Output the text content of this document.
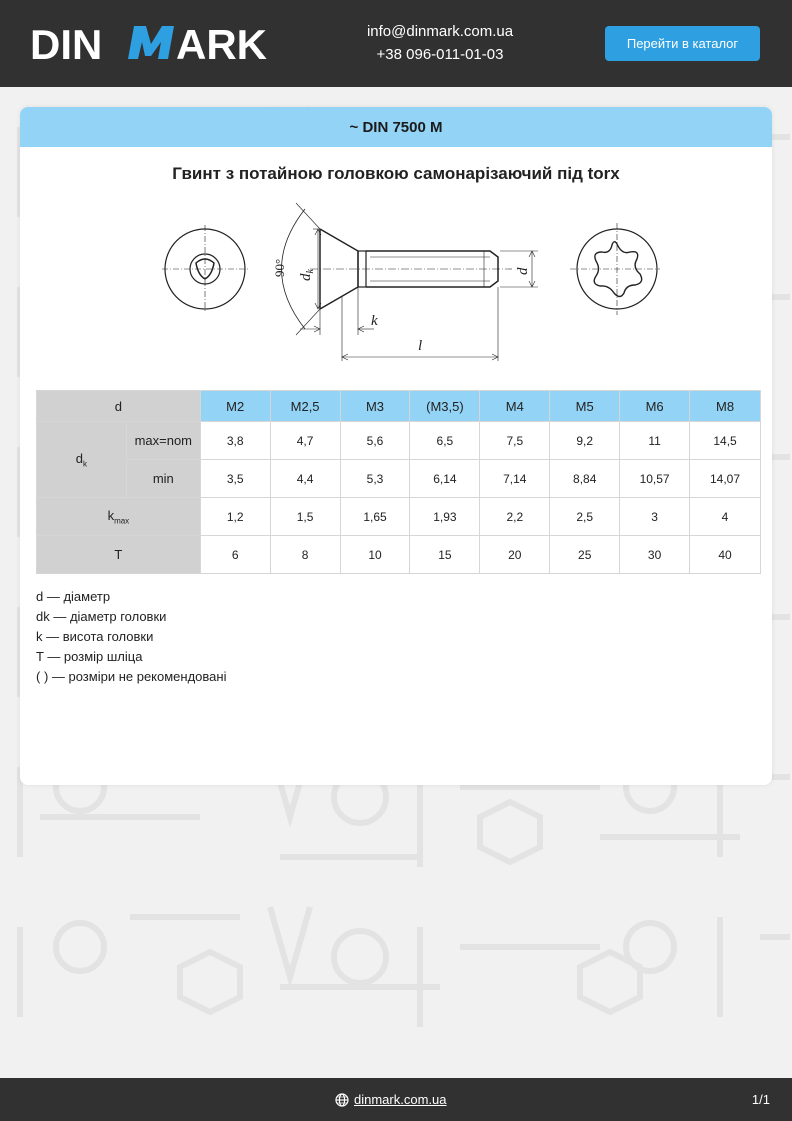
DIN ARK	info@dinmark.com.ua
+38 096-011-01-03
Перейти в каталог
~ DIN 7500 M
Гвинт з потайною головкою самонарізаючий під torx
90°
$d_k$	d
k
l
d		M2	M2,5	M3	(M3,5)	M4	M5	M6	M8
$d_k$	max=nom	3,8	4,7	5,6	6,5	7,5	9,2	11	14,5
	min	3,5	4,4	5,3	6,14	7,14	8,84	10,57	14,07
$k_{max}$		1,2	1,5	1,65	1,93	2,2	2,5	3	4
T		6	8	10	15	20	25	30	40
d — діаметр
dk — діаметр головки
k — висота головки
T — розмір шліца
( ) — розміри не рекомендовані
dinmark.com.ua	1/1
